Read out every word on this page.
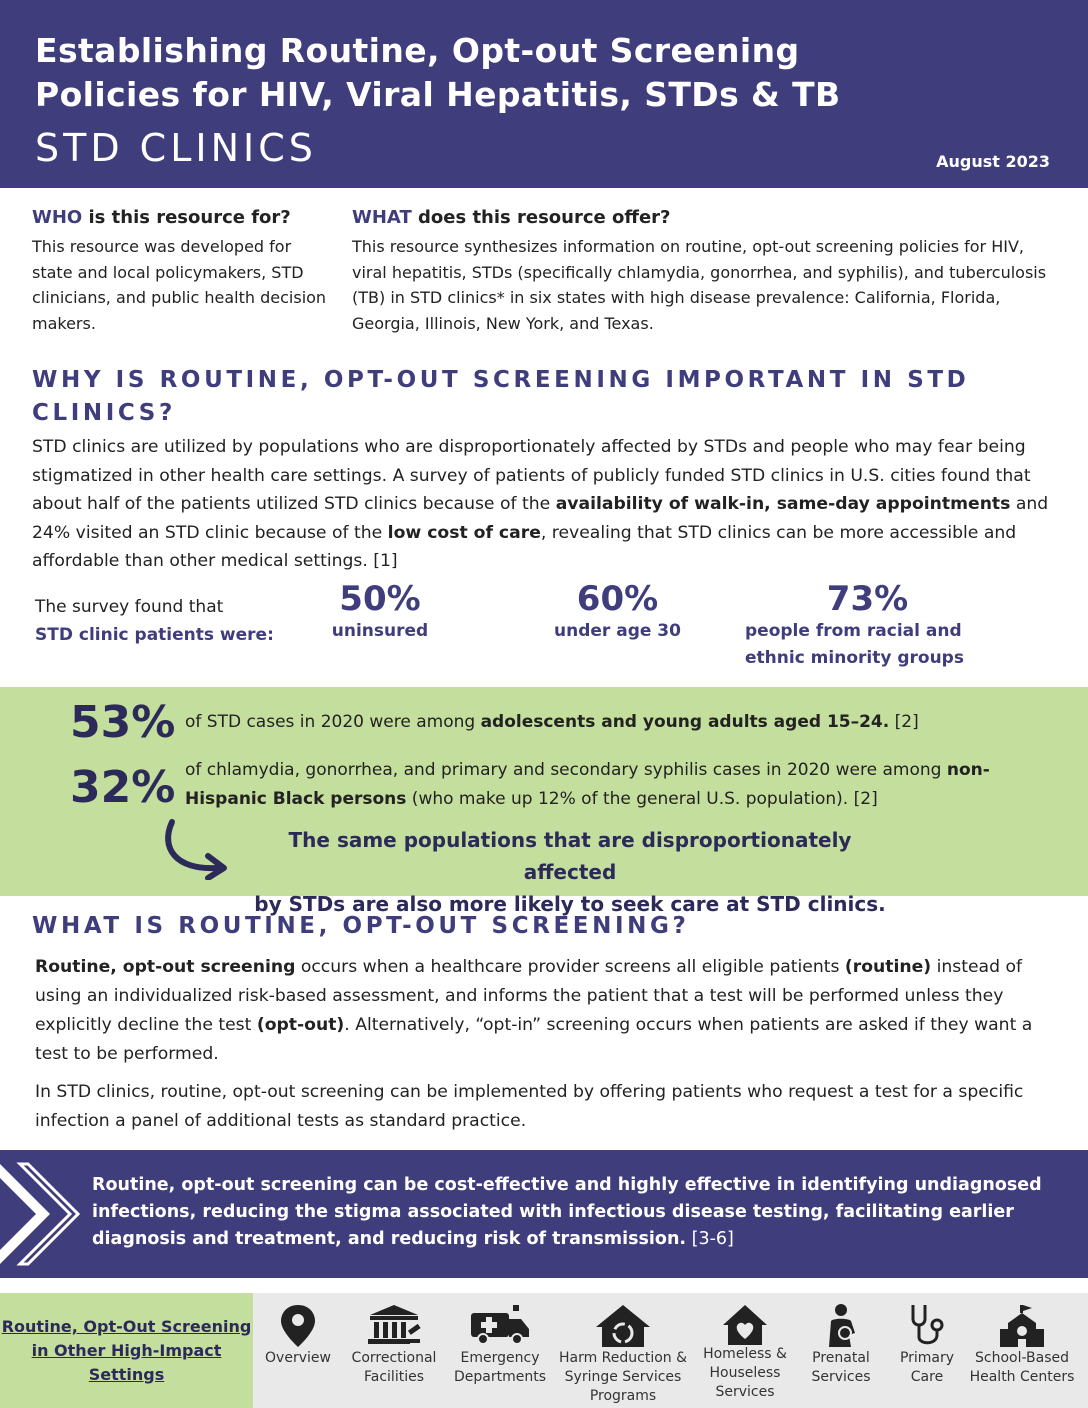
Establishing Routine, Opt-out Screening
Policies for HIV, Viral Hepatitis, STDs & TB
STD CLINICS	August 2023
WHO is this resource for?
This resource was developed for state and local policymakers, STD clinicians, and public health decision makers.
WHAT does this resource offer?
This resource synthesizes information on routine, opt-out screening policies for HIV, viral hepatitis, STDs (specifically chlamydia, gonorrhea, and syphilis), and tuberculosis (TB) in STD clinics* in six states with high disease prevalence: California, Florida, Georgia, Illinois, New York, and Texas.
WHY IS ROUTINE, OPT-OUT SCREENING IMPORTANT IN STD CLINICS?
STD clinics are utilized by populations who are disproportionately affected by STDs and people who may fear being stigmatized in other health care settings. A survey of patients of publicly funded STD clinics in U.S. cities found that about half of the patients utilized STD clinics because of the availability of walk-in, same-day appointments and 24% visited an STD clinic because of the low cost of care, revealing that STD clinics can be more accessible and affordable than other medical settings. [1]
The survey found that
STD clinic patients were:
50%
uninsured
60%
under age 30
73%
people from racial and ethnic minority groups
53% of STD cases in 2020 were among adolescents and young adults aged 15–24. [2]
32% of chlamydia, gonorrhea, and primary and secondary syphilis cases in 2020 were among non-Hispanic Black persons (who make up 12% of the general U.S. population). [2]
The same populations that are disproportionately affected
by STDs are also more likely to seek care at STD clinics.
WHAT IS ROUTINE, OPT-OUT SCREENING?
Routine, opt-out screening occurs when a healthcare provider screens all eligible patients (routine) instead of using an individualized risk-based assessment, and informs the patient that a test will be performed unless they explicitly decline the test (opt-out). Alternatively, “opt-in” screening occurs when patients are asked if they want a test to be performed.
In STD clinics, routine, opt-out screening can be implemented by offering patients who request a test for a specific infection a panel of additional tests as standard practice.
Routine, opt-out screening can be cost-effective and highly effective in identifying undiagnosed infections, reducing the stigma associated with infectious disease testing, facilitating earlier diagnosis and treatment, and reducing risk of transmission. [3-6]
Routine, Opt-Out Screening in Other High-Impact Settings
Overview	Correctional Facilities
Emergency Departments
Harm Reduction & Syringe Services Programs
Homeless & Houseless Services
Prenatal Services
Primary Care
School-Based Health Centers
